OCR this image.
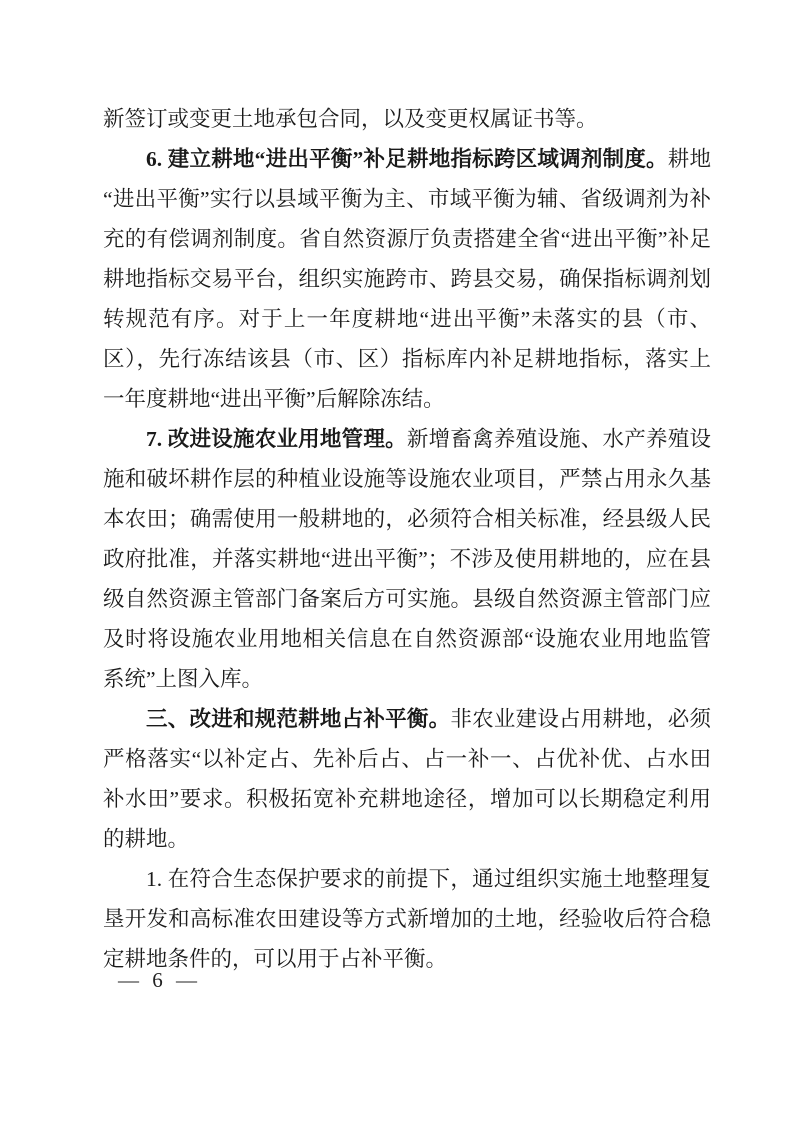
新签订或变更土地承包合同，以及变更权属证书等。

6. 建立耕地“进出平衡”补足耕地指标跨区域调剂制度。耕地“进出平衡”实行以县域平衡为主、市域平衡为辅、省级调剂为补充的有偿调剂制度。省自然资源厅负责搭建全省“进出平衡”补足耕地指标交易平台，组织实施跨市、跨县交易，确保指标调剂划转规范有序。对于上一年度耕地“进出平衡”未落实的县（市、区），先行冻结该县（市、区）指标库内补足耕地指标，落实上一年度耕地“进出平衡”后解除冻结。

7. 改进设施农业用地管理。新增畜禽养殖设施、水产养殖设施和破坏耕作层的种植业设施等设施农业项目，严禁占用永久基本农田；确需使用一般耕地的，必须符合相关标准，经县级人民政府批准，并落实耕地“进出平衡”；不涉及使用耕地的，应在县级自然资源主管部门备案后方可实施。县级自然资源主管部门应及时将设施农业用地相关信息在自然资源部“设施农业用地监管系统”上图入库。

三、改进和规范耕地占补平衡。非农业建设占用耕地，必须严格落实“以补定占、先补后占、占一补一、占优补优、占水田补水田”要求。积极拓宽补充耕地途径，增加可以长期稳定利用的耕地。

1. 在符合生态保护要求的前提下，通过组织实施土地整理复垦开发和高标准农田建设等方式新增加的土地，经验收后符合稳定耕地条件的，可以用于占补平衡。

— 6 —
